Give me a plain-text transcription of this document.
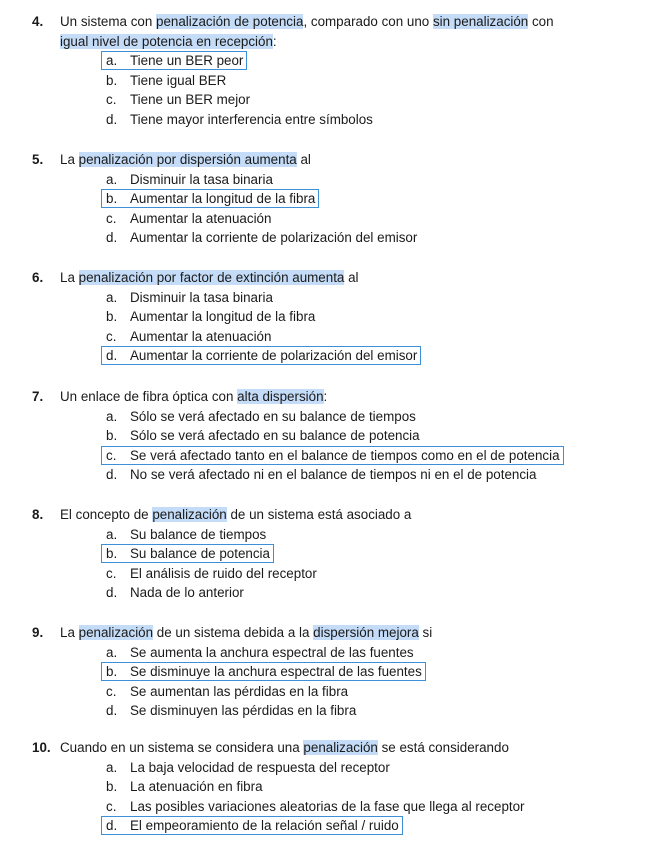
4. Un sistema con penalización de potencia, comparado con uno sin penalización con
igual nivel de potencia en recepción:
a. Tiene un BER peor
b. Tiene igual BER
c. Tiene un BER mejor
d. Tiene mayor interferencia entre símbolos
5. La penalización por dispersión aumenta al
a. Disminuir la tasa binaria
b. Aumentar la longitud de la fibra
c. Aumentar la atenuación
d. Aumentar la corriente de polarización del emisor
6. La penalización por factor de extinción aumenta al
a. Disminuir la tasa binaria
b. Aumentar la longitud de la fibra
c. Aumentar la atenuación
d. Aumentar la corriente de polarización del emisor
7. Un enlace de fibra óptica con alta dispersión:
a. Sólo se verá afectado en su balance de tiempos
b. Sólo se verá afectado en su balance de potencia
c. Se verá afectado tanto en el balance de tiempos como en el de potencia
d. No se verá afectado ni en el balance de tiempos ni en el de potencia
8. El concepto de penalización de un sistema está asociado a
a. Su balance de tiempos
b. Su balance de potencia
c. El análisis de ruido del receptor
d. Nada de lo anterior
9. La penalización de un sistema debida a la dispersión mejora si
a. Se aumenta la anchura espectral de las fuentes
b. Se disminuye la anchura espectral de las fuentes
c. Se aumentan las pérdidas en la fibra
d. Se disminuyen las pérdidas en la fibra
10. Cuando en un sistema se considera una penalización se está considerando
a. La baja velocidad de respuesta del receptor
b. La atenuación en fibra
c. Las posibles variaciones aleatorias de la fase que llega al receptor
d. El empeoramiento de la relación señal / ruido
